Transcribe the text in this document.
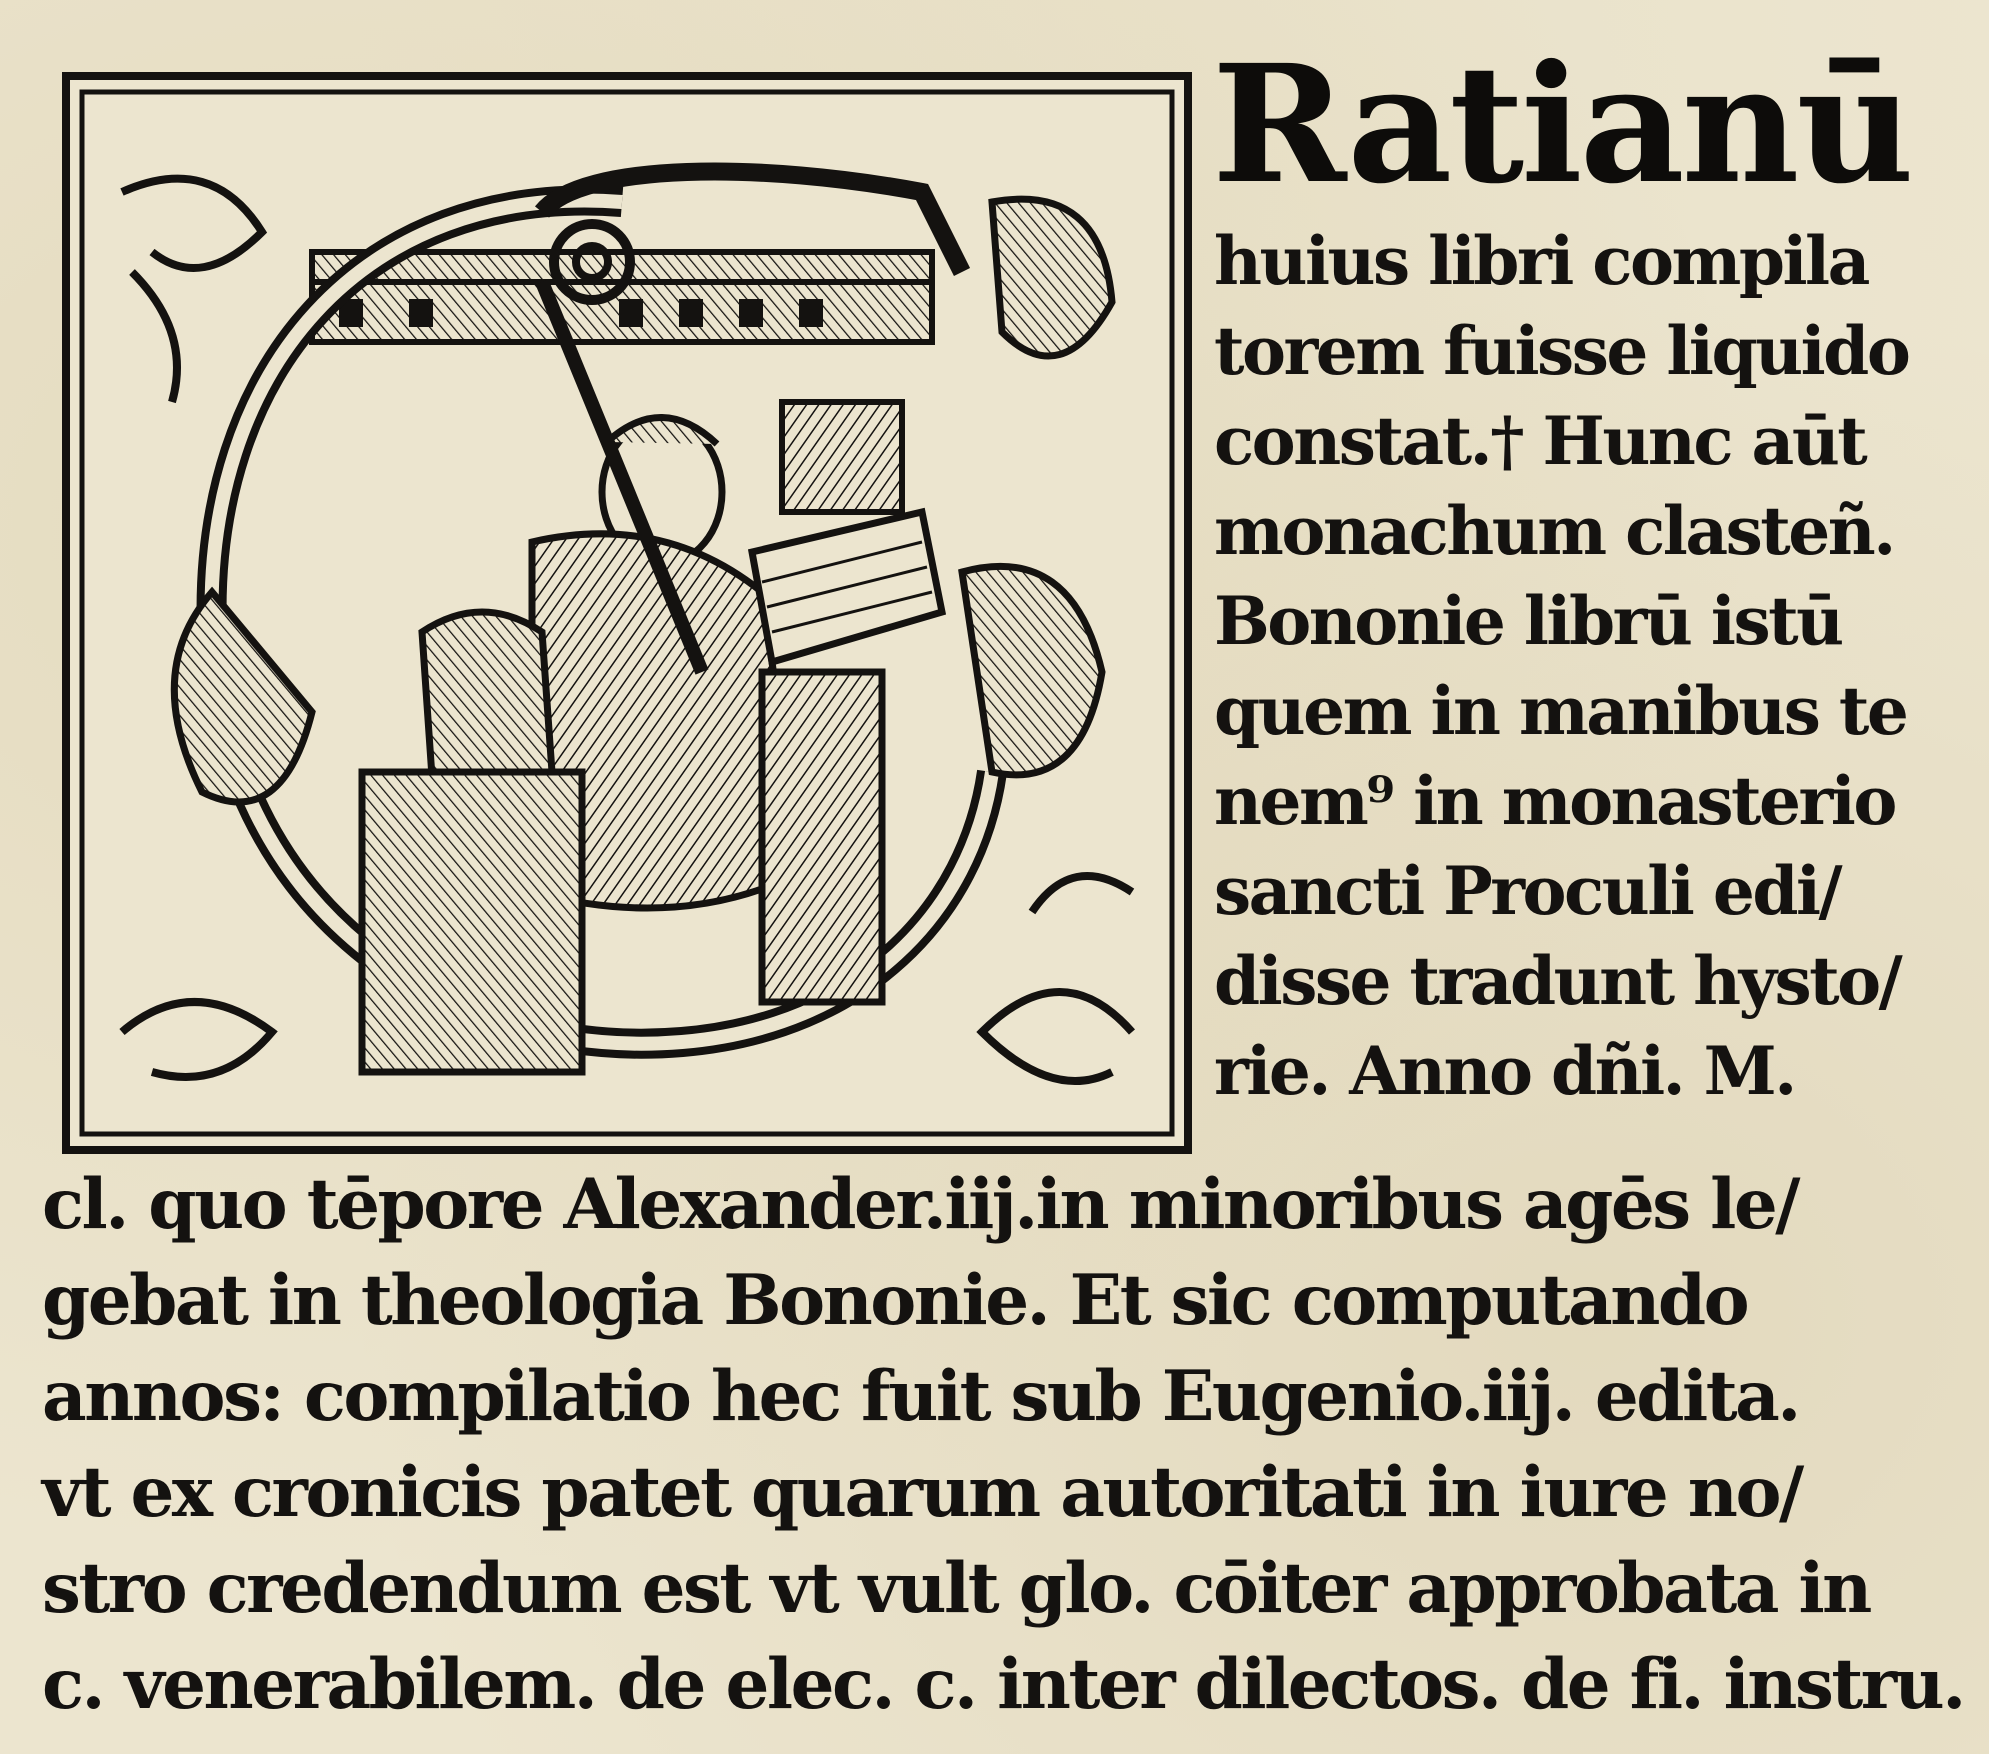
Ratianū
huius libri compila
torem fuisse liquido
constat.† Hunc aūt
monachum clasteñ.
Bononie librū istū
quem in manibus te
nem⁹ in monasterio
sancti Proculi edi/
disse tradunt hysto/
rie. Anno dñi. M.
cl. quo tēpore Alexander.iij.in minoribus agēs le/
gebat in theologia Bononie. Et sic computando
annos: compilatio hec fuit sub Eugenio.iij. edita.
vt ex cronicis patet quarum autoritati in iure no/
stro credendum est vt vult glo. cōiter approbata in
c. venerabilem. de elec. c. inter dilectos. de fi. instru.
